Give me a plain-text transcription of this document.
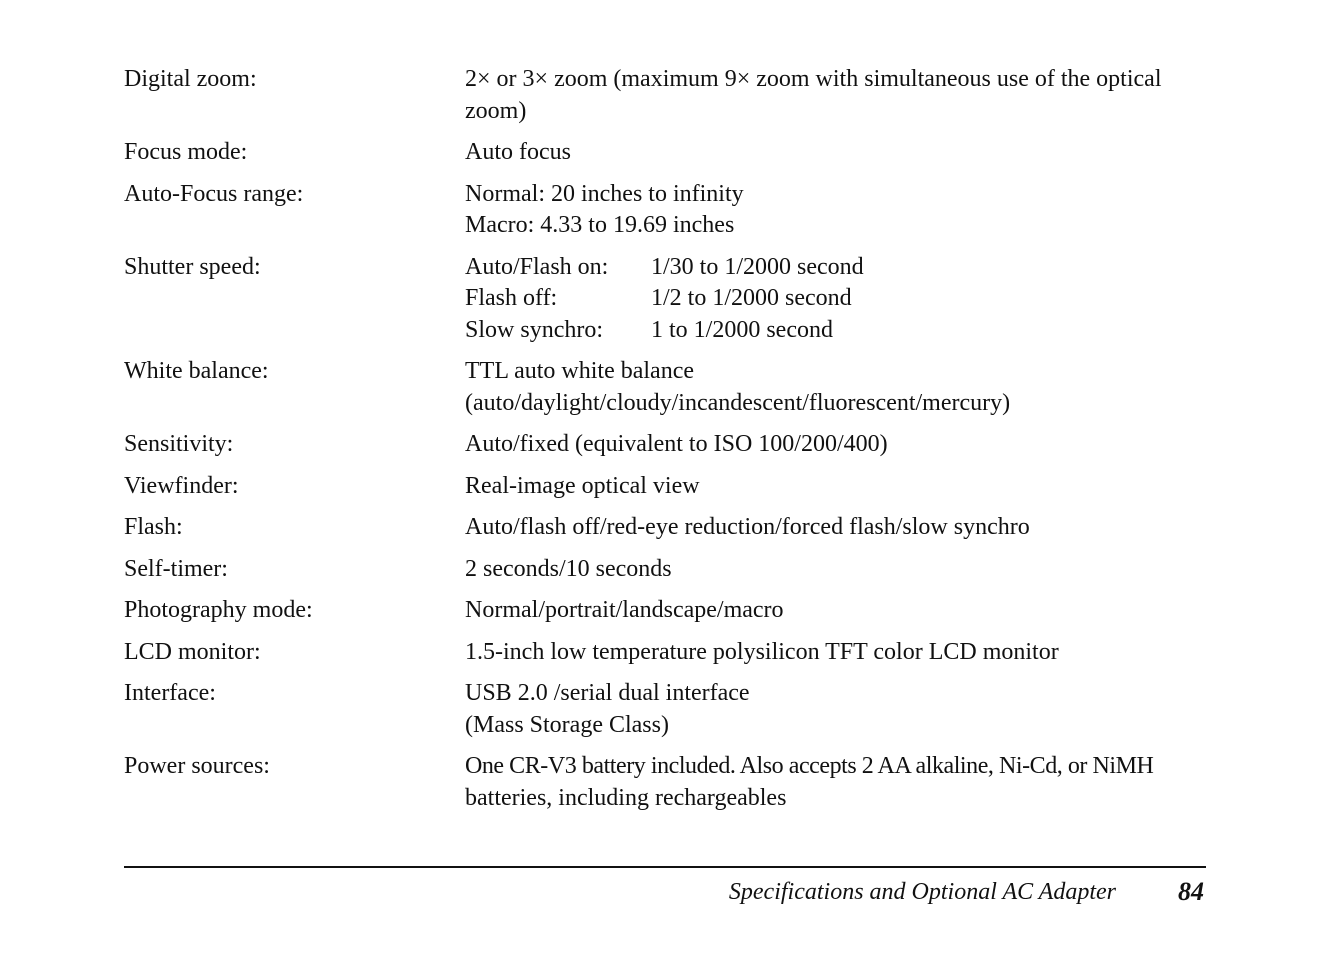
Digital zoom:	2× or 3× zoom (maximum 9× zoom with simultaneous use of the optical
zoom)
Focus mode:	Auto focus
Auto-Focus range:	Normal: 20 inches to infinity
Macro: 4.33 to 19.69 inches
Shutter speed:	Auto/Flash on:	1/30 to 1/2000 second
Flash off:	1/2 to 1/2000 second
Slow synchro:	1 to 1/2000 second
White balance:	TTL auto white balance
(auto/daylight/cloudy/incandescent/fluorescent/mercury)
Sensitivity:	Auto/fixed (equivalent to ISO 100/200/400)
Viewfinder:	Real-image optical view
Flash:	Auto/flash off/red-eye reduction/forced flash/slow synchro
Self-timer:	2 seconds/10 seconds
Photography mode:	Normal/portrait/landscape/macro
LCD monitor:	1.5-inch low temperature polysilicon TFT color LCD monitor
Interface:	USB 2.0 /serial dual interface
(Mass Storage Class)
Power sources:	One CR-V3 battery included. Also accepts 2 AA alkaline, Ni-Cd, or NiMH
batteries, including rechargeables
Specifications and Optional AC Adapter 84
